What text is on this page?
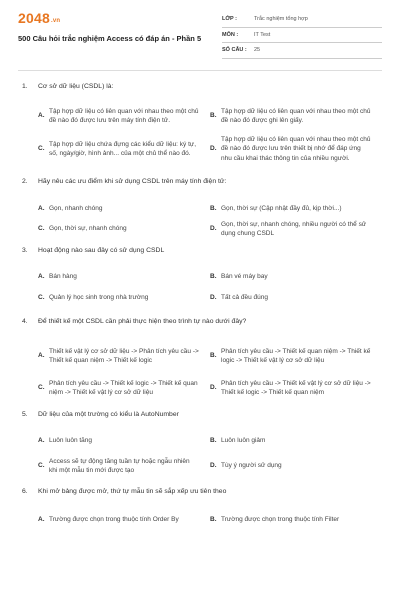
2048.vn
500 Câu hỏi trắc nghiệm Access có đáp án - Phần 5
LỚP :	Trắc nghiệm tổng hợp
MÔN :	IT Test
SỐ CÂU :	25
1.	Cơ sở dữ liệu (CSDL) là:
A.
Tập hợp dữ liệu có liên quan với nhau theo một chủ đề nào đó được lưu trên máy tính điện tử.
B.
Tập hợp dữ liệu có liên quan với nhau theo một chủ đề nào đó được ghi lên giấy.
C.
Tập hợp dữ liệu chứa đựng các kiểu dữ liệu: ký tự, số, ngày/giờ, hình ảnh... của một chủ thể nào đó.
D.
Tập hợp dữ liệu có liên quan với nhau theo một chủ đề nào đó được lưu trên thiết bị nhớ để đáp ứng nhu cầu khai thác thông tin của nhiều người.
2.	Hãy nêu các ưu điểm khi sử dụng CSDL trên máy tính điện tử:
A. Gọn, nhanh chóng	B. Gọn, thời sự (Cập nhật đầy đủ, kịp thời...)
C. Gọn, thời sự, nhanh chóng	D.
Gọn, thời sự, nhanh chóng, nhiều người có thể sử dụng chung CSDL
3.	Hoạt động nào sau đây có sử dụng CSDL
A. Bán hàng	B. Bán vé máy bay
C. Quản lý học sinh trong nhà trường	D. Tất cả đều đúng
4.	Để thiết kế một CSDL cần phải thực hiện theo trình tự nào dưới đây?
A.
Thiết kế vật lý cơ sở dữ liệu -> Phân tích yêu cầu -> Thiết kế quan niệm -> Thiết kế logic
B.
Phân tích yêu cầu -> Thiết kế quan niệm -> Thiết kế logic -> Thiết kế vật lý cơ sở dữ liệu
C.
Phân tích yêu cầu -> Thiết kế logic -> Thiết kế quan niệm -> Thiết kế vật lý cơ sở dữ liệu
D.
Phân tích yêu cầu -> Thiết kế vật lý cơ sở dữ liệu -> Thiết kế logic -> Thiết kế quan niệm
5.	Dữ liệu của một trường có kiểu là AutoNumber
A. Luôn luôn tăng	B. Luôn luôn giảm
C.
Access sẽ tự động tăng tuần tự hoặc ngẫu nhiên khi một mẫu tin mới được tạo
D. Tùy ý người sử dụng
6.	Khi mở bảng được mở, thứ tự mẫu tin sẽ sắp xếp ưu tiên theo
A. Trường được chọn trong thuộc tính Order By	B. Trường được chọn trong thuộc tính Filter
